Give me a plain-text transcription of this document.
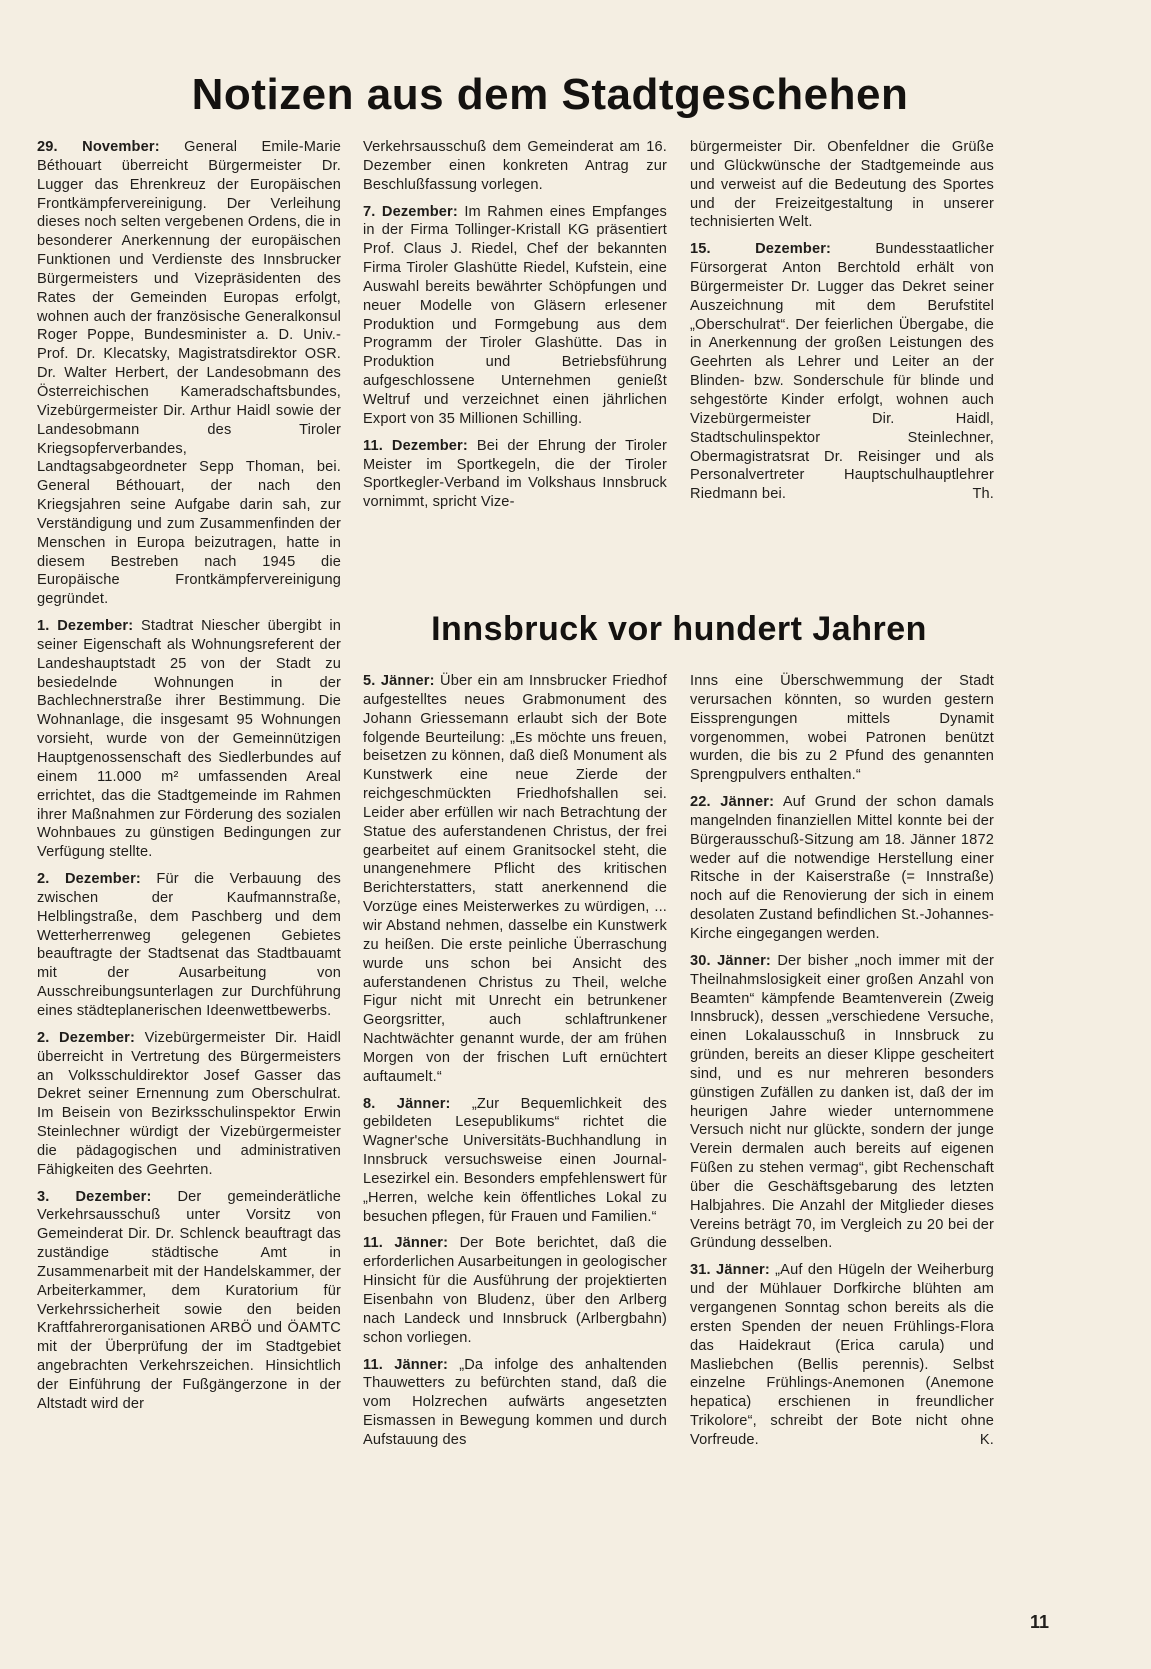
Notizen aus dem Stadtgeschehen
Innsbruck vor hundert Jahren

29. November: General Emile-Marie Béthouart überreicht Bürgermeister Dr. Lugger das Ehrenkreuz der Europäischen Frontkämpfervereinigung. Der Verleihung dieses noch selten vergebenen Ordens, die in besonderer Anerkennung der europäischen Funktionen und Verdienste des Innsbrucker Bürgermeisters und Vizepräsidenten des Rates der Gemeinden Europas erfolgt, wohnen auch der französische Generalkonsul Roger Poppe, Bundesminister a. D. Univ.-Prof. Dr. Klecatsky, Magistratsdirektor OSR. Dr. Walter Herbert, der Landesobmann des Österreichischen Kameradschaftsbundes, Vizebürgermeister Dir. Arthur Haidl sowie der Landesobmann des Tiroler Kriegsopferverbandes, Landtagsabgeordneter Sepp Thoman, bei. General Béthouart, der nach den Kriegsjahren seine Aufgabe darin sah, zur Verständigung und zum Zusammenfinden der Menschen in Europa beizutragen, hatte in diesem Bestreben nach 1945 die Europäische Frontkämpfervereinigung gegründet.

1. Dezember: Stadtrat Niescher übergibt in seiner Eigenschaft als Wohnungsreferent der Landeshauptstadt 25 von der Stadt zu besiedelnde Wohnungen in der Bachlechnerstraße ihrer Bestimmung. Die Wohnanlage, die insgesamt 95 Wohnungen vorsieht, wurde von der Gemeinnützigen Hauptgenossenschaft des Siedlerbundes auf einem 11.000 m² umfassenden Areal errichtet, das die Stadtgemeinde im Rahmen ihrer Maßnahmen zur Förderung des sozialen Wohnbaues zu günstigen Bedingungen zur Verfügung stellte.

2. Dezember: Für die Verbauung des zwischen der Kaufmannstraße, Helblingstraße, dem Paschberg und dem Wetterherrenweg gelegenen Gebietes beauftragte der Stadtsenat das Stadtbauamt mit der Ausarbeitung von Ausschreibungsunterlagen zur Durchführung eines städteplanerischen Ideenwettbewerbs.

2. Dezember: Vizebürgermeister Dir. Haidl überreicht in Vertretung des Bürgermeisters an Volksschuldirektor Josef Gasser das Dekret seiner Ernennung zum Oberschulrat. Im Beisein von Bezirksschulinspektor Erwin Steinlechner würdigt der Vizebürgermeister die pädagogischen und administrativen Fähigkeiten des Geehrten.

3. Dezember: Der gemeinderätliche Verkehrsausschuß unter Vorsitz von Gemeinderat Dir. Dr. Schlenck beauftragt das zuständige städtische Amt in Zusammenarbeit mit der Handelskammer, der Arbeiterkammer, dem Kuratorium für Verkehrssicherheit sowie den beiden Kraftfahrerorganisationen ARBÖ und ÖAMTC mit der Überprüfung der im Stadtgebiet angebrachten Verkehrszeichen. Hinsichtlich der Einführung der Fußgängerzone in der Altstadt wird der

Verkehrsausschuß dem Gemeinderat am 16. Dezember einen konkreten Antrag zur Beschlußfassung vorlegen.

7. Dezember: Im Rahmen eines Empfanges in der Firma Tollinger-Kristall KG präsentiert Prof. Claus J. Riedel, Chef der bekannten Firma Tiroler Glashütte Riedel, Kufstein, eine Auswahl bereits bewährter Schöpfungen und neuer Modelle von Gläsern erlesener Produktion und Formgebung aus dem Programm der Tiroler Glashütte. Das in Produktion und Betriebsführung aufgeschlossene Unternehmen genießt Weltruf und verzeichnet einen jährlichen Export von 35 Millionen Schilling.

11. Dezember: Bei der Ehrung der Tiroler Meister im Sportkegeln, die der Tiroler Sportkegler-Verband im Volkshaus Innsbruck vornimmt, spricht Vize-

bürgermeister Dir. Obenfeldner die Grüße und Glückwünsche der Stadtgemeinde aus und verweist auf die Bedeutung des Sportes und der Freizeitgestaltung in unserer technisierten Welt.

15. Dezember:	Bundesstaatlicher Fürsorgerat Anton Berchtold erhält von Bürgermeister Dr. Lugger das Dekret seiner Auszeichnung mit dem Berufstitel „Oberschulrat“. Der feierlichen Übergabe, die in Anerkennung der großen Leistungen des Geehrten als Lehrer und Leiter an der Blinden- bzw. Sonderschule für blinde und sehgestörte Kinder erfolgt, wohnen auch Vizebürgermeister Dir. Haidl, Stadtschulinspektor Steinlechner, Obermagistratsrat Dr. Reisinger und als Personalvertreter Hauptschulhauptlehrer Riedmann bei.	Th.

5. Jänner: Über ein am Innsbrucker Friedhof aufgestelltes neues Grabmonument des Johann Griessemann erlaubt sich der Bote folgende Beurteilung: „Es möchte uns freuen, beisetzen zu können, daß dieß Monument als Kunstwerk eine neue Zierde der reichgeschmückten Friedhofshallen sei. Leider aber erfüllen wir nach Betrachtung der Statue des auferstandenen Christus, der frei gearbeitet auf einem Granitsockel steht, die unangenehmere Pflicht des kritischen Berichterstatters, statt anerkennend die Vorzüge eines Meisterwerkes zu würdigen, ... wir Abstand nehmen, dasselbe ein Kunstwerk zu heißen. Die erste peinliche Überraschung wurde uns schon bei Ansicht des auferstandenen Christus zu Theil, welche Figur nicht mit Unrecht ein betrunkener Georgsritter, auch schlaftrunkener Nachtwächter genannt wurde, der am frühen Morgen von der frischen Luft ernüchtert auftaumelt.“

8. Jänner: „Zur Bequemlichkeit des gebildeten Lesepublikums“ richtet die Wagner'sche Universitäts-Buchhandlung in Innsbruck versuchsweise einen Journal-Lesezirkel ein. Besonders empfehlenswert für „Herren, welche kein öffentliches Lokal zu besuchen pflegen, für Frauen und Familien.“

11. Jänner: Der Bote berichtet, daß die erforderlichen Ausarbeitungen in geologischer Hinsicht für die Ausführung der projektierten Eisenbahn von Bludenz, über den Arlberg nach Landeck und Innsbruck (Arlbergbahn) schon vorliegen.

11. Jänner: „Da infolge des anhaltenden Thauwetters zu befürchten stand, daß die vom Holzrechen aufwärts angesetzten Eismassen in Bewegung kommen und durch Aufstauung des

Inns eine Überschwemmung der Stadt verursachen könnten, so wurden gestern Eissprengungen mittels Dynamit vorgenommen, wobei Patronen benützt wurden, die bis zu 2 Pfund des genannten Sprengpulvers enthalten.“

22. Jänner: Auf Grund der schon damals mangelnden finanziellen Mittel konnte bei der Bürgerausschuß-Sitzung am 18. Jänner 1872 weder auf die notwendige Herstellung einer Ritsche in der Kaiserstraße (= Innstraße) noch auf die Renovierung der sich in einem desolaten Zustand befindlichen St.-Johannes-Kirche eingegangen werden.

30. Jänner: Der bisher „noch immer mit der Theilnahmslosigkeit einer großen Anzahl von Beamten“ kämpfende Beamtenverein (Zweig Innsbruck), dessen „verschiedene Versuche, einen Lokalausschuß in Innsbruck zu gründen, bereits an dieser Klippe gescheitert sind, und es nur mehreren besonders günstigen Zufällen zu danken ist, daß der im heurigen Jahre wieder unternommene Versuch nicht nur glückte, sondern der junge Verein dermalen auch bereits auf eigenen Füßen zu stehen vermag“, gibt Rechenschaft über die Geschäftsgebarung des letzten Halbjahres. Die Anzahl der Mitglieder dieses Vereins beträgt 70, im Vergleich zu 20 bei der Gründung desselben.

31. Jänner: „Auf den Hügeln der Weiherburg und der Mühlauer Dorfkirche blühten am vergangenen Sonntag schon bereits als die ersten Spenden der neuen Frühlings-Flora das Haidekraut (Erica carula) und Masliebchen (Bellis perennis). Selbst einzelne Frühlings-Anemonen (Anemone hepatica) erschienen in freundlicher Trikolore“, schreibt der Bote nicht ohne Vorfreude.	K.

11
